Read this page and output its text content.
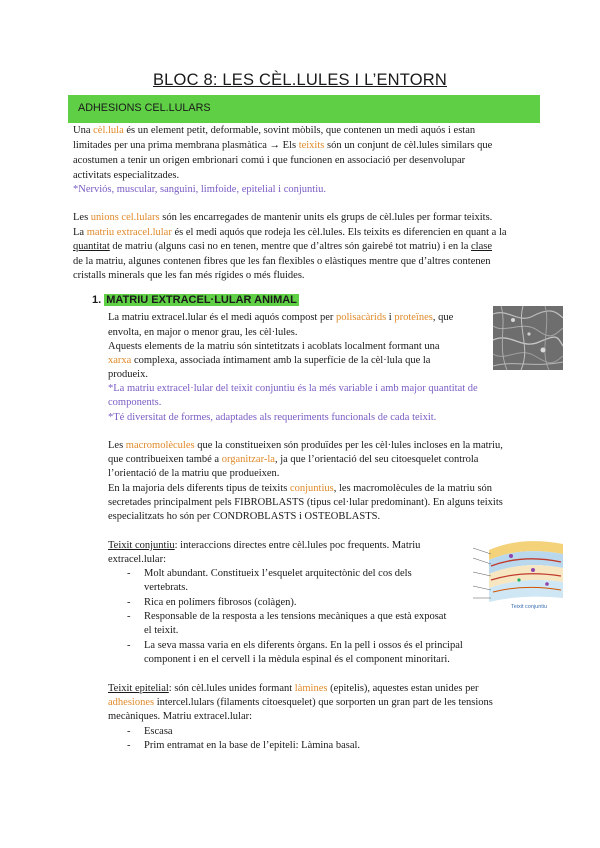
BLOC 8: LES CÈL.LULES I L’ENTORN
ADHESIONS CEL.LULARS
Una cèl.lula és un element petit, deformable, sovint mòbils, que contenen un medi aquós i estan
limitades per una prima membrana plasmàtica → Els teixits són un conjunt de cèl.lules similars que
acostumen a tenir un origen embrionari comú i que funcionen en associació per desenvolupar
activitats especialitzades.
*Nerviós, muscular, sanguini, limfoide, epitelial i conjuntiu.
Les unions cel.lulars són les encarregades de mantenir units els grups de cèl.lules per formar teixits.
La matriu extracel.lular és el medi aquós que rodeja les cèl.lules. Els teixits es diferencien en quant a la
quantitat de matriu (alguns casi no en tenen, mentre que d’altres són gairebé tot matriu) i en la clase
de la matriu, algunes contenen fibres que les fan flexibles o elàstiques mentre que d’altres contenen
cristalls minerals que les fan més rígides o més fluides.
1. MATRIU EXTRACEL·LULAR ANIMAL
La matriu extracel.lular és el medi aquós compost per polisacàrids i proteïnes, que
envolta, en major o menor grau, les cèl·lules.
Aquests elements de la matriu són sintetitzats i acoblats localment formant una
xarxa complexa, associada íntimament amb la superfície de la cèl·lula que la
produeix.
*La matriu extracel·lular del teixit conjuntiu és la més variable i amb major quantitat de
components.
*Té diversitat de formes, adaptades als requeriments funcionals de cada teixit.
Les macromolècules que la constitueixen són produïdes per les cèl·lules incloses en la matriu,
que contribueixen també a organitzar-la, ja que l’orientació del seu citoesquelet controla
l’orientació de la matriu que produeixen.
En la majoria dels diferents tipus de teixits conjuntius, les macromolècules de la matriu són
secretades principalment pels FIBROBLASTS (tipus cel·lular predominant). En alguns teixits
especialitzats ho són per CONDROBLASTS i OSTEOBLASTS.
Teixit conjuntiu: interaccions directes entre cèl.lules poc frequents. Matriu
extracel.lular:
- Molt abundant. Constitueix l’esquelet arquitectònic del cos dels
vertebrats.
- Rica en polímers fibrosos (colàgen).
- Responsable de la resposta a les tensions mecàniques a que està exposat
el teixit.
- La seva massa varia en els diferents òrgans. En la pell i ossos és el principal
component i en el cervell i la mèdula espinal és el component minoritari.
Teixit conjuntiu
Teixit epitelial: són cèl.lules unides formant làmines (epitelis), aquestes estan unides per
adhesiones intercel.lulars (filaments citoesquelet) que sorporten un gran part de les tensions
mecàniques. Matriu extracel.lular:
- Escasa
- Prim entramat en la base de l’epiteli: Làmina basal.
